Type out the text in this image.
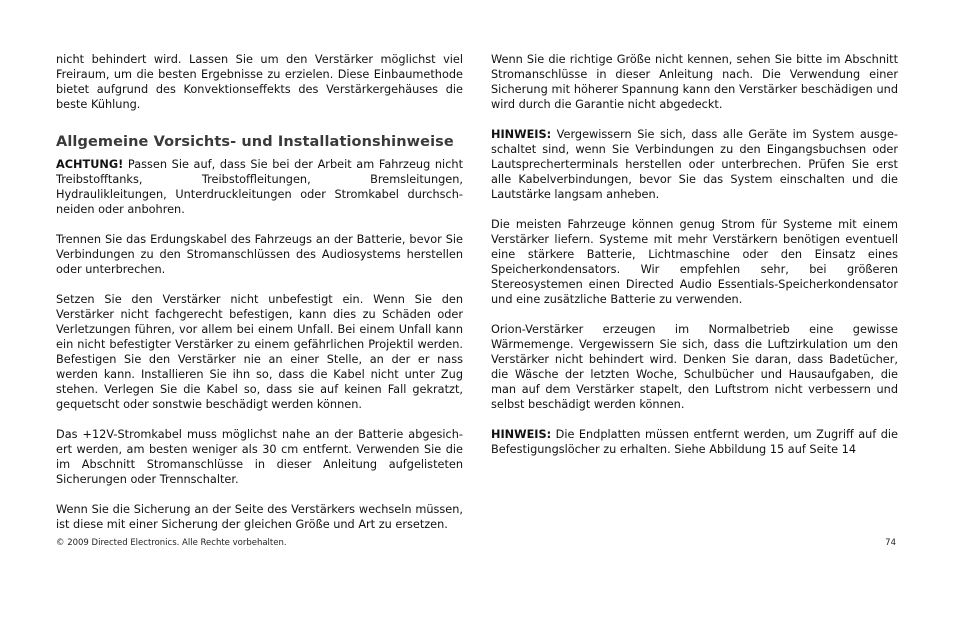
nicht behindert wird. Lassen Sie um den Verstärker möglichst viel Freiraum, um die besten Ergebnisse zu erzielen. Diese Einbaumethode bietet aufgrund des Konvektionseffekts des Verstärkergehäuses die beste Kühlung.

Allgemeine Vorsichts- und Installationshinweise

ACHTUNG! Passen Sie auf, dass Sie bei der Arbeit am Fahrzeug nicht Treibstofftanks, Treibstoffleitungen, Bremsleitungen, Hydraulikleitungen, Unterdruckleitungen oder Stromkabel durchschneiden oder anbohren.

Trennen Sie das Erdungskabel des Fahrzeugs an der Batterie, bevor Sie Verbindungen zu den Stromanschlüssen des Audiosystems herstellen oder unterbrechen.

Setzen Sie den Verstärker nicht unbefestigt ein. Wenn Sie den Verstärker nicht fachgerecht befestigen, kann dies zu Schäden oder Verletzungen führen, vor allem bei einem Unfall. Bei einem Unfall kann ein nicht befestigter Verstärker zu einem gefährlichen Projektil werden. Befestigen Sie den Verstärker nie an einer Stelle, an der er nass werden kann. Installieren Sie ihn so, dass die Kabel nicht unter Zug stehen. Verlegen Sie die Kabel so, dass sie auf keinen Fall gekratzt, gequetscht oder sonstwie beschädigt werden können.

Das +12V-Stromkabel muss möglichst nahe an der Batterie abgesichert werden, am besten weniger als 30 cm entfernt. Verwenden Sie die im Abschnitt Stromanschlüsse in dieser Anleitung aufgelisteten Sicherungen oder Trennschalter.

Wenn Sie die Sicherung an der Seite des Verstärkers wechseln müssen, ist diese mit einer Sicherung der gleichen Größe und Art zu ersetzen.

Wenn Sie die richtige Größe nicht kennen, sehen Sie bitte im Abschnitt Stromanschlüsse in dieser Anleitung nach. Die Verwendung einer Sicherung mit höherer Spannung kann den Verstärker beschädigen und wird durch die Garantie nicht abgedeckt.

HINWEIS: Vergewissern Sie sich, dass alle Geräte im System ausgeschaltet sind, wenn Sie Verbindungen zu den Eingangsbuchsen oder Lautsprecherterminals herstellen oder unterbrechen. Prüfen Sie erst alle Kabelverbindungen, bevor Sie das System einschalten und die Lautstärke langsam anheben.

Die meisten Fahrzeuge können genug Strom für Systeme mit einem Verstärker liefern. Systeme mit mehr Verstärkern benötigen eventuell eine stärkere Batterie, Lichtmaschine oder den Einsatz eines Speicherkondensators. Wir empfehlen sehr, bei größeren Stereosystemen einen Directed Audio Essentials-Speicherkondensator und eine zusätzliche Batterie zu verwenden.

Orion-Verstärker erzeugen im Normalbetrieb eine gewisse Wärmemenge. Vergewissern Sie sich, dass die Luftzirkulation um den Verstärker nicht behindert wird. Denken Sie daran, dass Badetücher, die Wäsche der letzten Woche, Schulbücher und Hausaufgaben, die man auf dem Verstärker stapelt, den Luftstrom nicht verbessern und selbst beschädigt werden können.

HINWEIS: Die Endplatten müssen entfernt werden, um Zugriff auf die Befestigungslöcher zu erhalten. Siehe Abbildung 15 auf Seite 14

© 2009 Directed Electronics. Alle Rechte vorbehalten.	74
